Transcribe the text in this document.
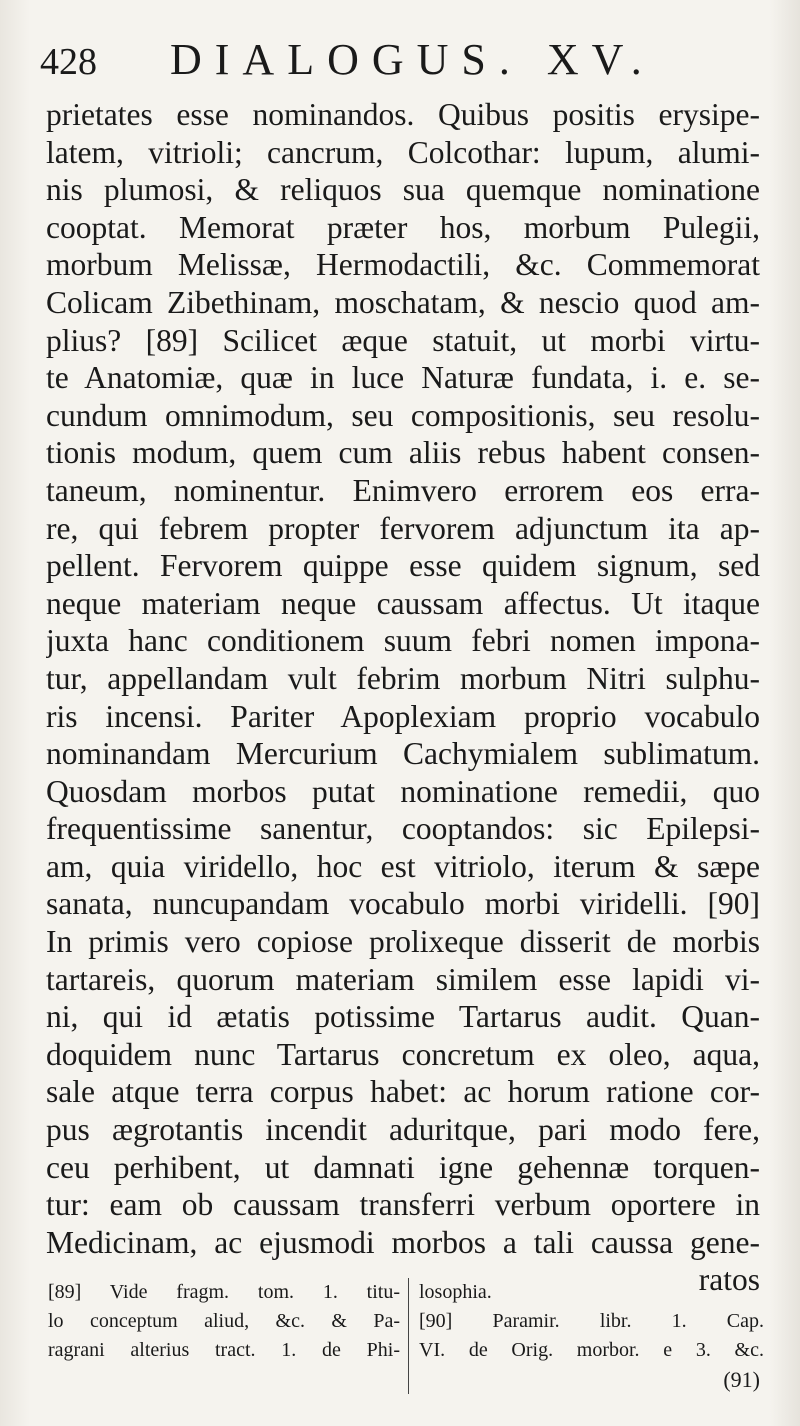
428	DIALOGUS. XV.
prietates esse nominandos. Quibus positis erysipe-
latem, vitrioli; cancrum, Colcothar: lupum, alumi-
nis plumosi, & reliquos sua quemque nominatione
cooptat. Memorat præter hos, morbum Pulegii,
morbum Melissæ, Hermodactili, &c. Commemorat
Colicam Zibethinam, moschatam, & nescio quod am-
plius? [89] Scilicet æque statuit, ut morbi virtu-
te Anatomiæ, quæ in luce Naturæ fundata, i. e. se-
cundum omnimodum, seu compositionis, seu resolu-
tionis modum, quem cum aliis rebus habent consen-
taneum, nominentur. Enimvero errorem eos erra-
re, qui febrem propter fervorem adjunctum ita ap-
pellent. Fervorem quippe esse quidem signum, sed
neque materiam neque caussam affectus. Ut itaque
juxta hanc conditionem suum febri nomen impona-
tur, appellandam vult febrim morbum Nitri sulphu-
ris incensi. Pariter Apoplexiam proprio vocabulo
nominandam Mercurium Cachymialem sublimatum.
Quosdam morbos putat nominatione remedii, quo
frequentissime sanentur, cooptandos: sic Epilepsi-
am, quia viridello, hoc est vitriolo, iterum & sæpe
sanata, nuncupandam vocabulo morbi viridelli. [90]
In primis vero copiose prolixeque disserit de morbis
tartareis, quorum materiam similem esse lapidi vi-
ni, qui id ætatis potissime Tartarus audit. Quan-
doquidem nunc Tartarus concretum ex oleo, aqua,
sale atque terra corpus habet: ac horum ratione cor-
pus ægrotantis incendit aduritque, pari modo fere,
ceu perhibent, ut damnati igne gehennæ torquen-
tur: eam ob caussam transferri verbum oportere in
Medicinam, ac ejusmodi morbos a tali caussa gene-
ratos
[89] Vide fragm. tom. 1. titu-
lo conceptum aliud, &c. & Pa-
ragrani alterius tract. 1. de Phi-
losophia.
[90] Paramir. libr. 1. Cap.
VI. de Orig. morbor. e 3. &c.
(91)
